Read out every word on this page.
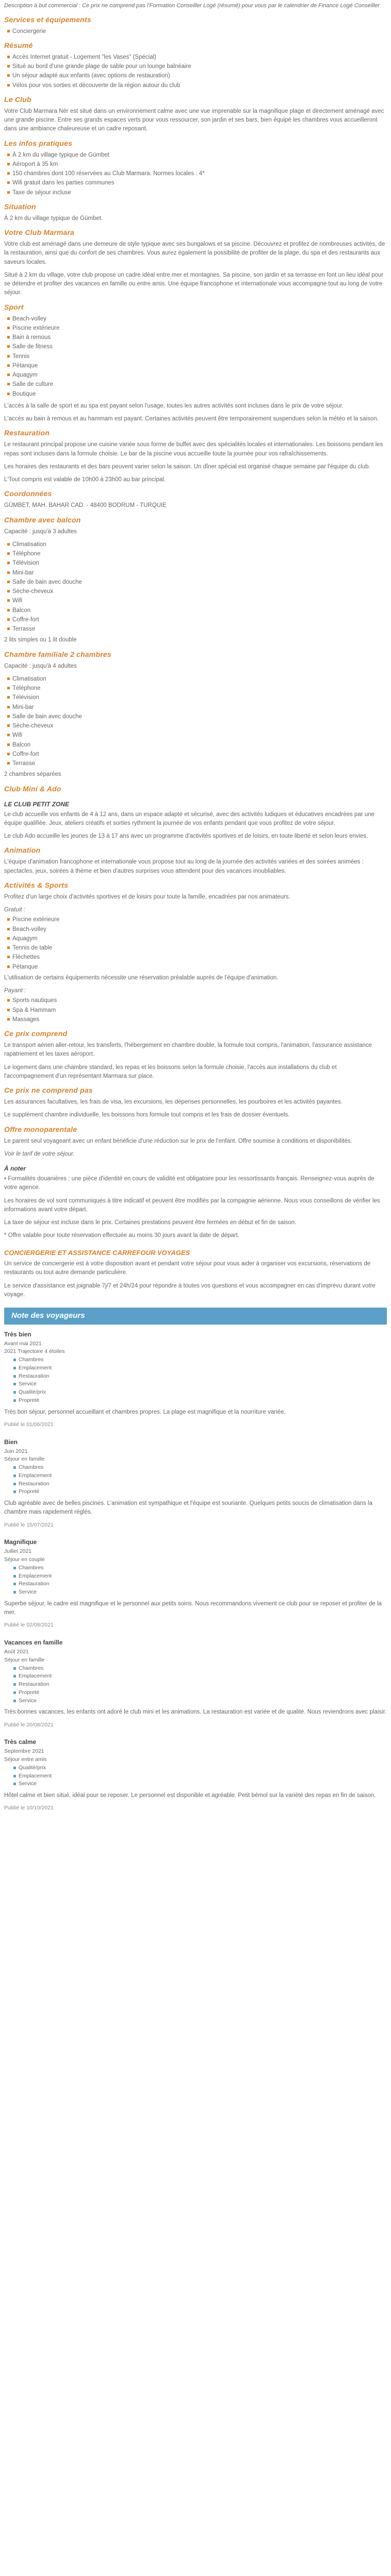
Description à but commercial : Ce prix ne comprend pas l'Formation Conseiller Logé (résumé) pour vous par le calendrier de Finance Logé Conseiller

Services et équipements
Conciergerie
Résumé
Accès Internet gratuit - Logement "les Vases" (Spécial)
Situé au bord d'une grande plage de sable pour un lounge balnéaire
Un séjour adapté aux enfants (avec options de restauration)
Vélos pour vos sorties et découverte de la région autour du club
Le Club

Votre Club Marmara Nér est situé dans un environnement calme avec une vue imprenable sur la magnifique plage et directement aménagé avec une grande piscine. Entre ses grands espaces verts pour vous ressourcer, son jardin et ses bars, bien équipé les chambres vous accueilleront dans une ambiance chaleureuse et un cadre reposant.

Les infos pratiques
À 2 km du village typique de Gümbet
Aéroport à 35 km
150 chambres dont 100 réservées au Club Marmara. Normes locales : 4*
Wifi gratuit dans les parties communes
Taxe de séjour incluse
Situation

À 2 km du village typique de Gümbet.

Votre Club Marmara

Votre club est aménagé dans une demeure de style typique avec ses bungalows et sa piscine. Découvrez et profitez de nombreuses activités, de la restauration, ainsi que du confort de ses chambres. Vous aurez également la possibilité de profiter de la plage, du spa et des restaurants aux saveurs locales.

Situé à 2 km du village, votre club propose un cadre idéal entre mer et montagnes. Sa piscine, son jardin et sa terrasse en font un lieu idéal pour se détendre et profiter des vacances en famille ou entre amis. Une équipe francophone et internationale vous accompagne tout au long de votre séjour.

Sport
Beach-volley
Piscine extérieure
Bain à remous
Salle de fitness
Tennis
Pétanque
Aquagym
Salle de culture
Boutique

L'accès à la salle de sport et au spa est payant selon l'usage, toutes les autres activités sont incluses dans le prix de votre séjour.

L'accès au bain à remous et au hammam est payant. Certaines activités peuvent être temporairement suspendues selon la météo et la saison.

Restauration

Le restaurant principal propose une cuisine variée sous forme de buffet avec des spécialités locales et internationales. Les boissons pendant les repas sont incluses dans la formule choisie. Le bar de la piscine vous accueille toute la journée pour vos rafraîchissements.

Les horaires des restaurants et des bars peuvent varier selon la saison. Un dîner spécial est organisé chaque semaine par l'équipe du club.

L'Tout compris est valable de 10h00 à 23h00 au bar principal.

Coordonnées

GÜMBET, MAH. BAHAR CAD. - 48400 BODRUM - TURQUIE

Chambre avec balcon

Capacité : jusqu'à 3 adultes

Climatisation
Téléphone
Télévision
Mini-bar
Salle de bain avec douche
Sèche-cheveux
Wifi
Balcon
Coffre-fort
Terrasse

2 lits simples ou 1 lit double

Chambre familiale 2 chambres

Capacité : jusqu'à 4 adultes

Climatisation
Téléphone
Télévision
Mini-bar
Salle de bain avec douche
Sèche-cheveux
Wifi
Balcon
Coffre-fort
Terrasse

2 chambres séparées

Club Mini & Ado
LE CLUB PETIT ZONE

Le club accueille vos enfants de 4 à 12 ans, dans un espace adapté et sécurisé, avec des activités ludiques et éducatives encadrées par une équipe qualifiée. Jeux, ateliers créatifs et sorties rythment la journée de vos enfants pendant que vous profitez de votre séjour.

Le club Ado accueille les jeunes de 13 à 17 ans avec un programme d'activités sportives et de loisirs, en toute liberté et selon leurs envies.

Animation

L'équipe d'animation francophone et internationale vous propose tout au long de la journée des activités variées et des soirées animées : spectacles, jeux, soirées à thème et bien d'autres surprises vous attendent pour des vacances inoubliables.

Activités & Sports

Profitez d'un large choix d'activités sportives et de loisirs pour toute la famille, encadrées par nos animateurs.

Gratuit :

Piscine extérieure
Beach-volley
Aquagym
Tennis de table
Fléchettes
Pétanque

L'utilisation de certains équipements nécessite une réservation préalable auprès de l'équipe d'animation.

Payant :

Sports nautiques
Spa & Hammam
Massages
Ce prix comprend

Le transport aérien aller-retour, les transferts, l'hébergement en chambre double, la formule tout compris, l'animation, l'assurance assistance rapatriement et les taxes aéroport.

Le logement dans une chambre standard, les repas et les boissons selon la formule choisie, l'accès aux installations du club et l'accompagnement d'un représentant Marmara sur place.

Ce prix ne comprend pas

Les assurances facultatives, les frais de visa, les excursions, les dépenses personnelles, les pourboires et les activités payantes.

Le supplément chambre individuelle, les boissons hors formule tout compris et les frais de dossier éventuels.

Offre monoparentale

Le parent seul voyageant avec un enfant bénéficie d'une réduction sur le prix de l'enfant. Offre soumise à conditions et disponibilités.

Voir le tarif de votre séjour.

À noter

• Formalités douanières : une pièce d'identité en cours de validité est obligatoire pour les ressortissants français. Renseignez-vous auprès de votre agence.

Les horaires de vol sont communiqués à titre indicatif et peuvent être modifiés par la compagnie aérienne. Nous vous conseillons de vérifier les informations avant votre départ.

La taxe de séjour est incluse dans le prix. Certaines prestations peuvent être fermées en début et fin de saison.

* Offre valable pour toute réservation effectuée au moins 30 jours avant la date de départ.

CONCIERGERIE ET ASSISTANCE CARREFOUR VOYAGES

Un service de conciergerie est à votre disposition avant et pendant votre séjour pour vous aider à organiser vos excursions, réservations de restaurants ou tout autre demande particulière.

Le service d'assistance est joignable 7j/7 et 24h/24 pour répondre à toutes vos questions et vous accompagner en cas d'imprévu durant votre voyage.

Note des voyageurs
Très bien
Avant mai 2021
2021 Trajectoire 4 étoiles
Chambres
Emplacement
Restauration
Service
Qualité/prix
Propreté

Très bon séjour, personnel accueillant et chambres propres. La plage est magnifique et la nourriture variée.

Publié le 01/06/2021
Bien
Juin 2021
Séjour en famille
Chambres
Emplacement
Restauration
Propreté

Club agréable avec de belles piscines. L'animation est sympathique et l'équipe est souriante. Quelques petits soucis de climatisation dans la chambre mais rapidement réglés.

Publié le 15/07/2021
Magnifique
Juillet 2021
Séjour en couple
Chambres
Emplacement
Restauration
Service

Superbe séjour, le cadre est magnifique et le personnel aux petits soins. Nous recommandons vivement ce club pour se reposer et profiter de la mer.

Publié le 02/08/2021
Vacances en famille
Août 2021
Séjour en famille
Chambres
Emplacement
Restauration
Propreté
Service

Très bonnes vacances, les enfants ont adoré le club mini et les animations. La restauration est variée et de qualité. Nous reviendrons avec plaisir.

Publié le 20/08/2021
Très calme
Septembre 2021
Séjour entre amis
Qualité/prix
Emplacement
Service

Hôtel calme et bien situé, idéal pour se reposer. Le personnel est disponible et agréable. Petit bémol sur la variété des repas en fin de saison.

Publié le 10/10/2021
